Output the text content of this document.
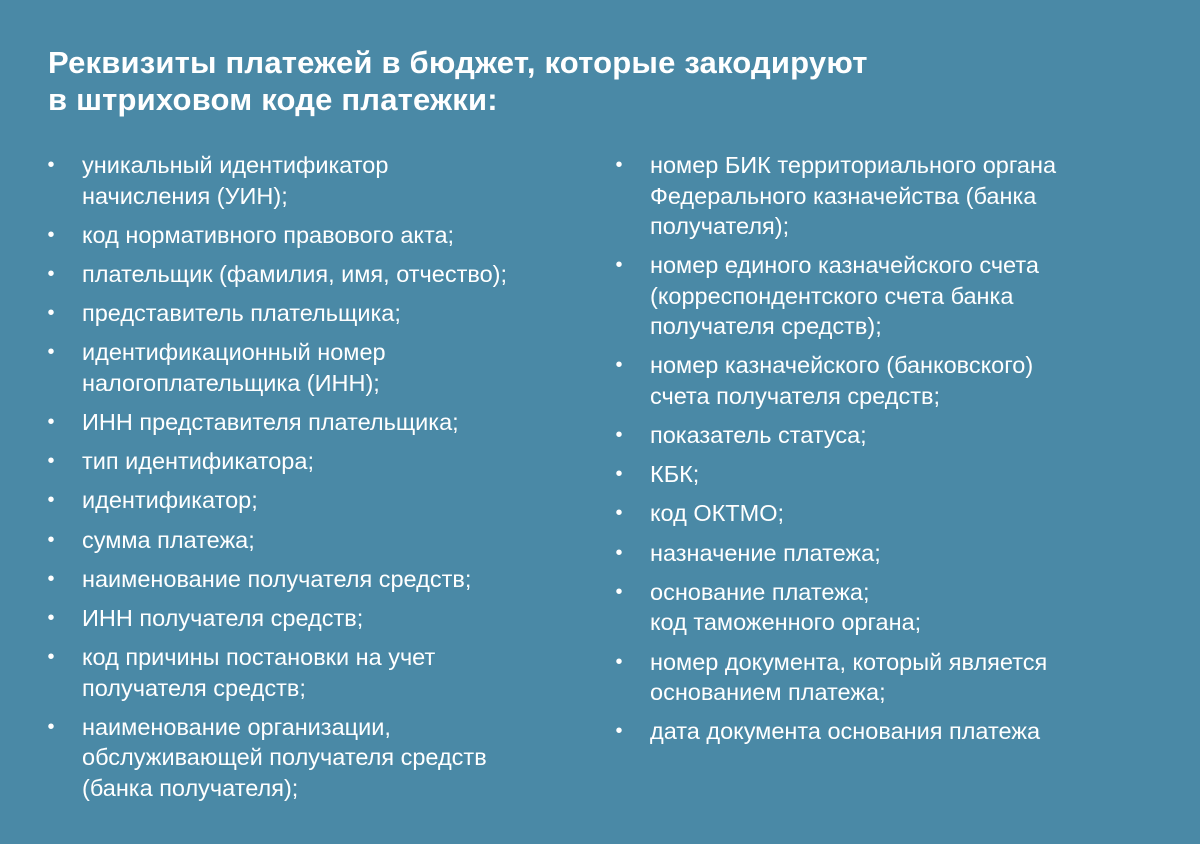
Реквизиты платежей в бюджет, которые закодируют
в штриховом коде платежки:
• уникальный идентификатор
начисления (УИН);
• код нормативного правового акта;
• плательщик (фамилия, имя, отчество);
• представитель плательщика;
• идентификационный номер
налогоплательщика (ИНН);
• ИНН представителя плательщика;
• тип идентификатора;
• идентификатор;
• сумма платежа;
• наименование получателя средств;
• ИНН получателя средств;
• код причины постановки на учет
получателя средств;
• наименование организации,
обслуживающей получателя средств
(банка получателя);
• номер БИК территориального органа
Федерального казначейства (банка
получателя);
• номер единого казначейского счета
(корреспондентского счета банка
получателя средств);
• номер казначейского (банковского)
счета получателя средств;
• показатель статуса;
• КБК;
• код ОКТМО;
• назначение платежа;
• основание платежа;
код таможенного органа;
• номер документа, который является
основанием платежа;
• дата документа основания платежа
